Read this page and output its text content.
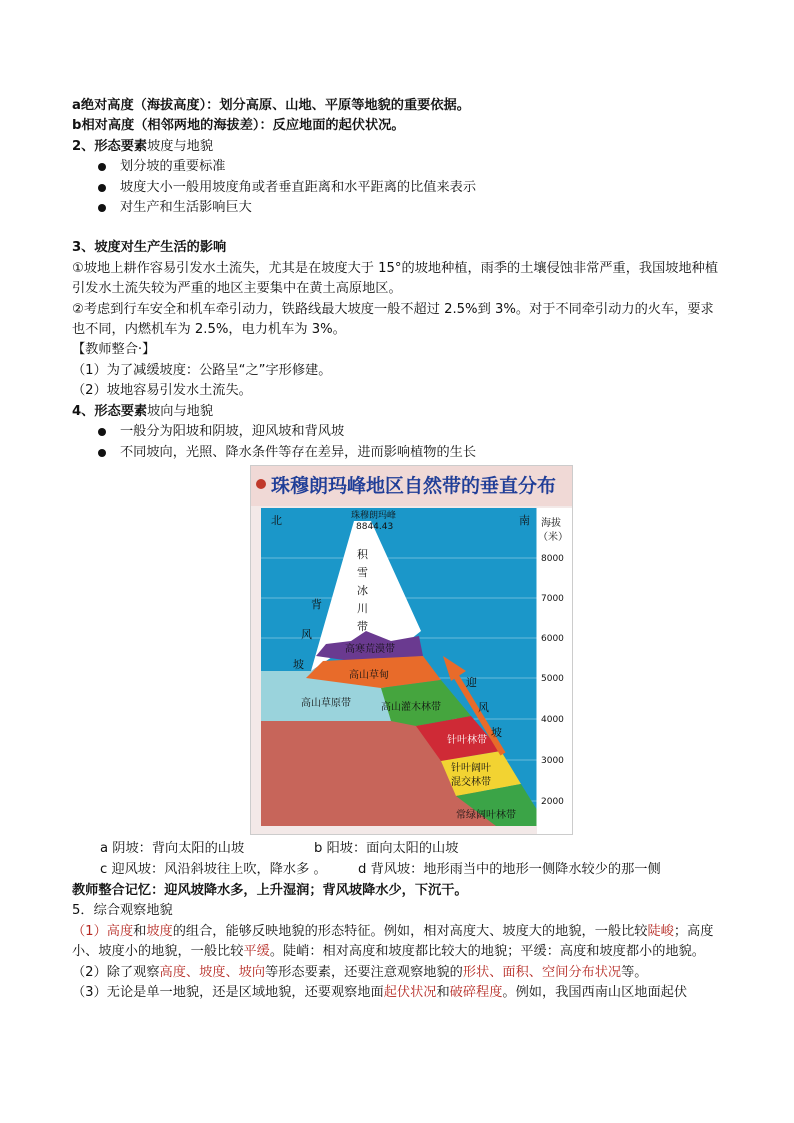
a绝对高度（海拔高度）：划分高原、山地、平原等地貌的重要依据。

b相对高度（相邻两地的海拔差）：反应地面的起伏状况。

2、形态要素坡度与地貌

划分坡的重要标准

坡度大小一般用坡度角或者垂直距离和水平距离的比值来表示

对生产和生活影响巨大

3、坡度对生产生活的影响

①坡地上耕作容易引发水土流失，尤其是在坡度大于 15°的坡地种植，雨季的土壤侵蚀非常严重，我国坡地种植引发水土流失较为严重的地区主要集中在黄土高原地区。

②考虑到行车安全和机车牵引动力，铁路线最大坡度一般不超过 2.5%到 3%。对于不同牵引动力的火车，要求也不同，内燃机车为 2.5%，电力机车为 3%。

【教师整合·】

（1）为了减缓坡度：公路呈“之”字形修建。

（2）坡地容易引发水土流失。

4、形态要素坡向与地貌

一般分为阳坡和阴坡，迎风坡和背风坡

不同坡向，光照、降水条件等存在差异，进而影响植物的生长

珠穆朗玛峰地区自然带的垂直分布
北	南
珠穆朗玛峰
8844.43	海拔
（米）
8000
7000
6000
5000
4000
3000
2000
积
雪
冰
川
带
背
风
坡
迎
风
坡
高寒荒漠带
高山草甸
高山草原带	高山灌木林带
针叶林带
针叶阔叶
混交林带
常绿阔叶林带
a 阴坡：背向太阳的山坡	b 阳坡：面向太阳的山坡
c 迎风坡：风沿斜坡往上吹，降水多 。 d 背风坡：地形雨当中的地形一侧降水较少的那一侧

教师整合记忆：迎风坡降水多，上升湿润；背风坡降水少，下沉干。

5．综合观察地貌

（1）高度和坡度的组合，能够反映地貌的形态特征。例如，相对高度大、坡度大的地貌，一般比较陡峻；高度小、坡度小的地貌，一般比较平缓。陡峭：相对高度和坡度都比较大的地貌；平缓：高度和坡度都小的地貌。

（2）除了观察高度、坡度、坡向等形态要素，还要注意观察地貌的形状、面积、空间分布状况等。

（3）无论是单一地貌，还是区域地貌，还要观察地面起伏状况和破碎程度。例如，我国西南山区地面起伏
